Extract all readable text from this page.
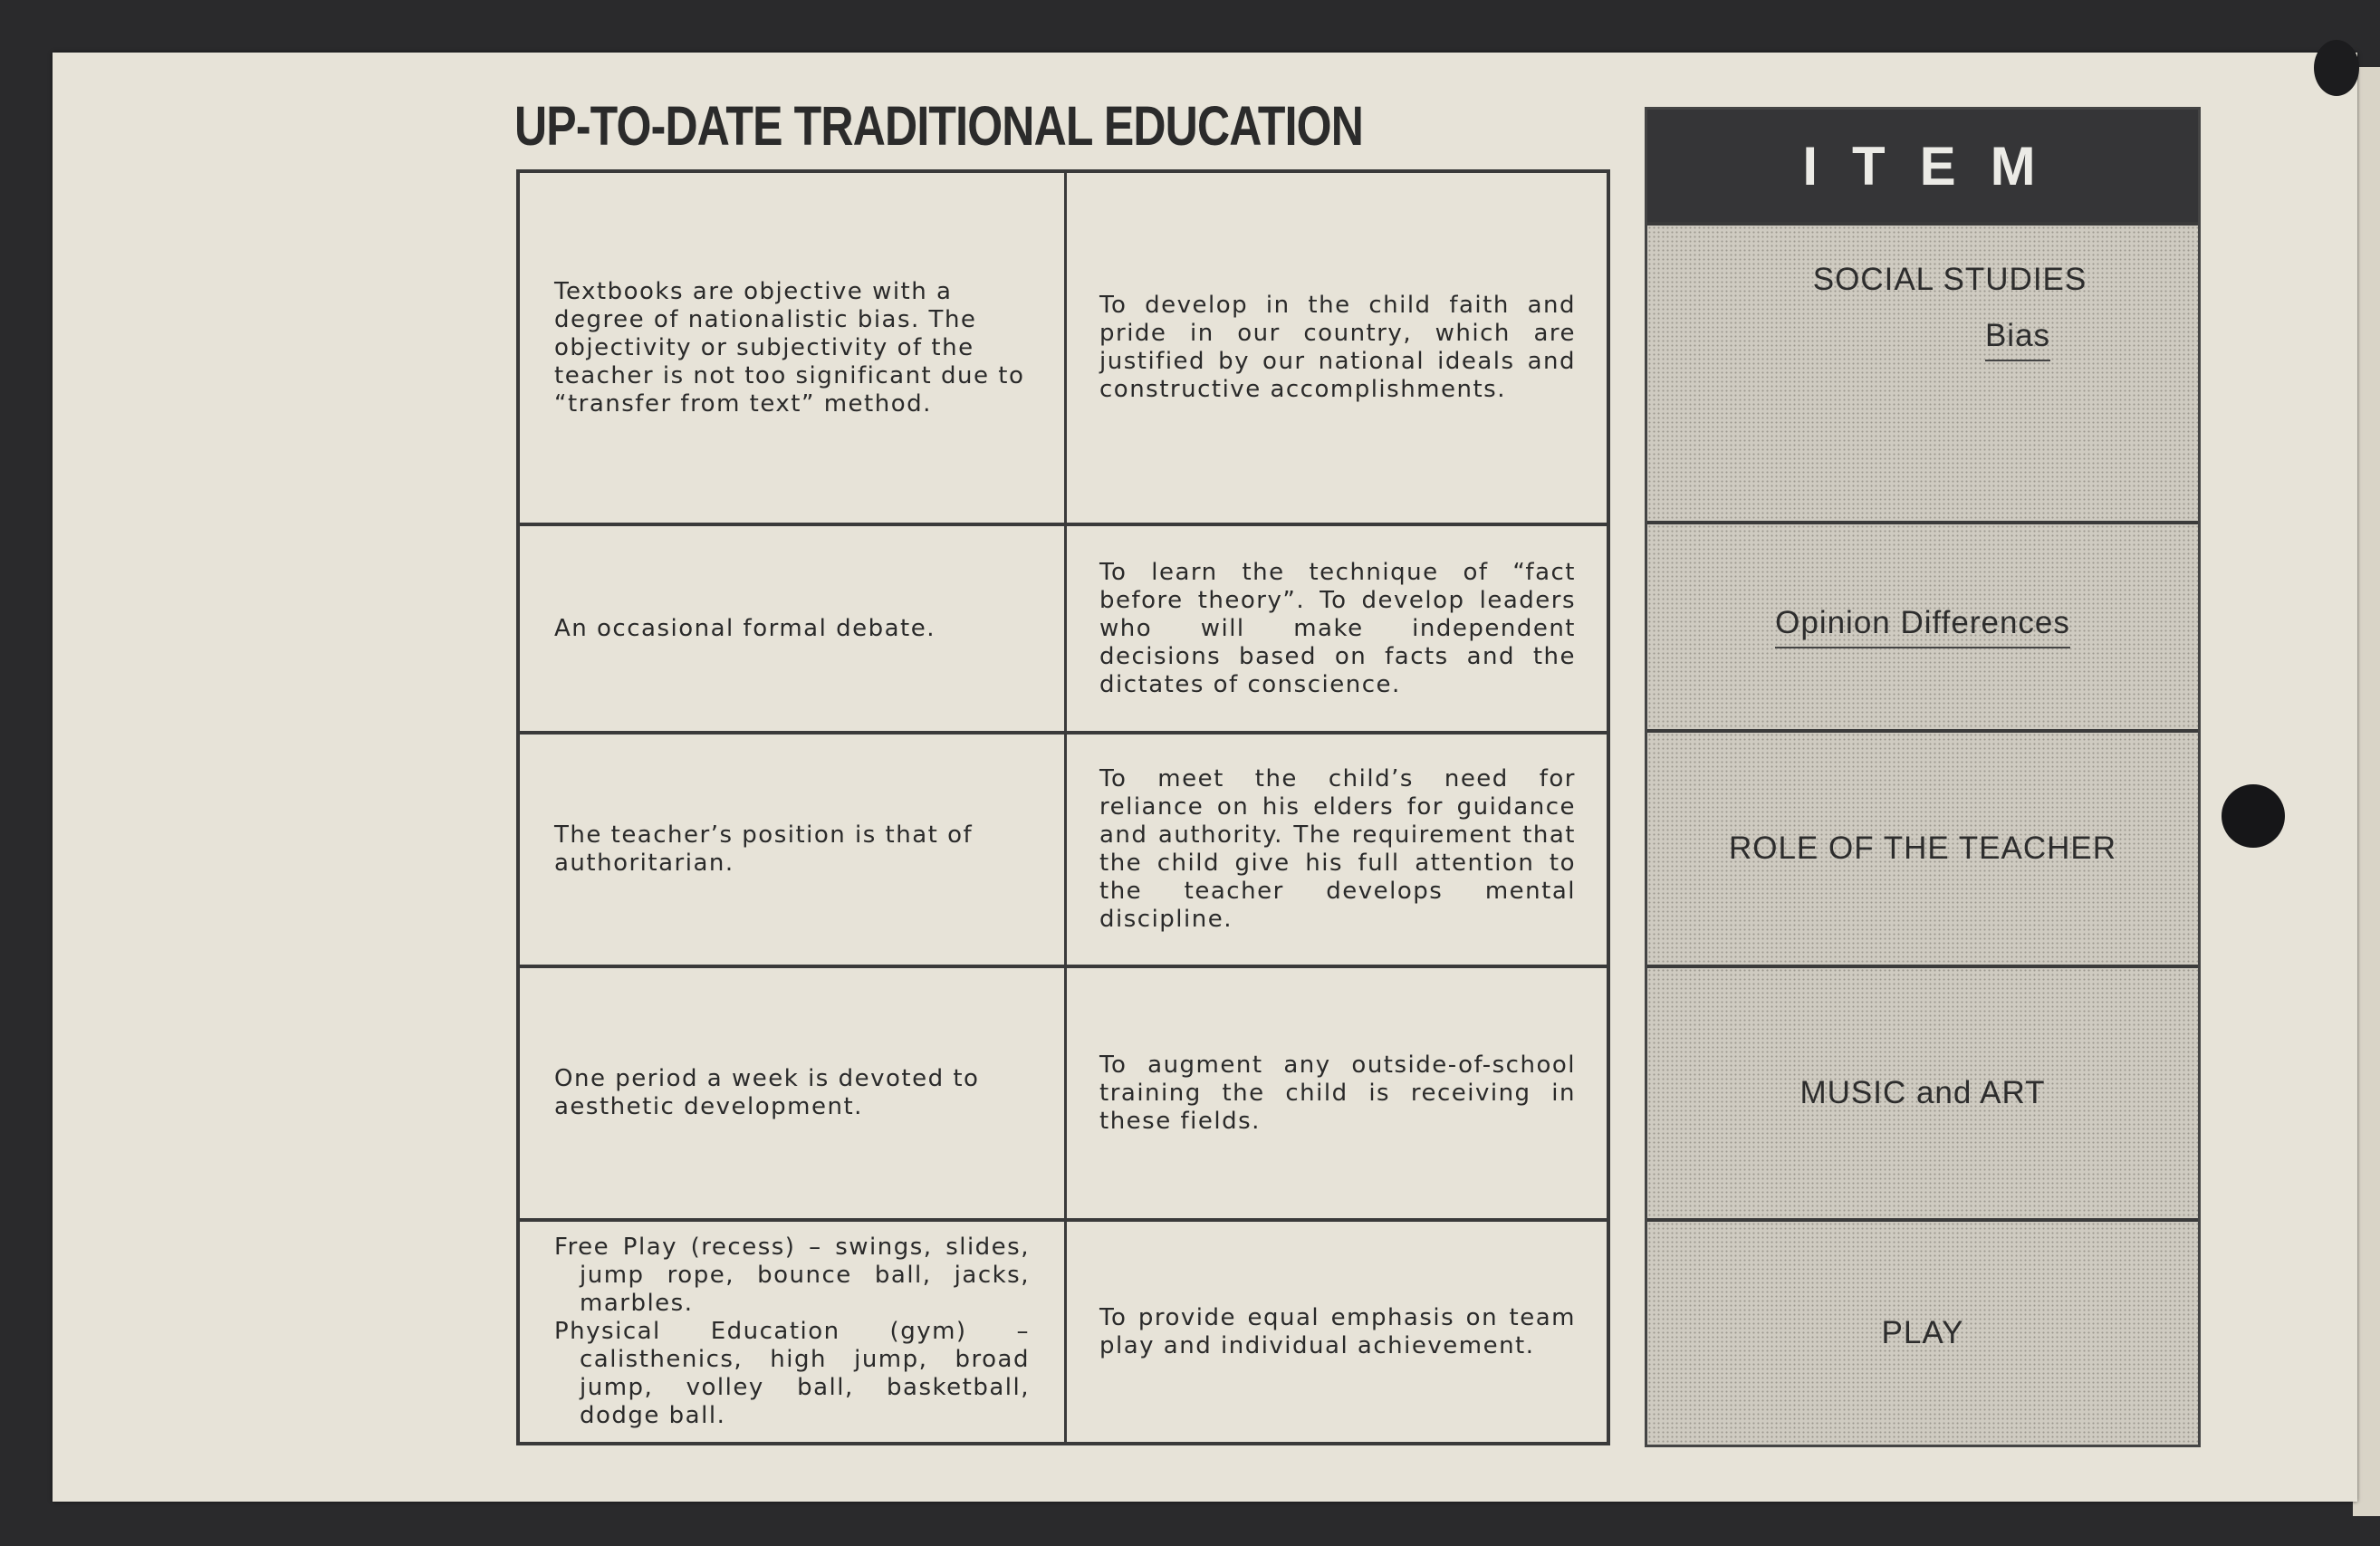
UP-TO-DATE TRADITIONAL EDUCATION
Textbooks are objective with a degree of nationalistic bias. The objectivity or subjectivity of the teacher is not too significant due to “transfer from text” method.
To develop in the child faith and pride in our country, which are justified by our national ideals and constructive accomplishments.
An occasional formal debate.
To learn the technique of “fact before theory”. To develop leaders who will make independent decisions based on facts and the dictates of conscience.
The teacher’s position is that of authoritarian.
To meet the child’s need for reliance on his elders for guidance and authority. The requirement that the child give his full attention to the teacher develops mental discipline.
One period a week is devoted to aesthetic development.
To augment any outside-of-school training the child is receiving in these fields.

Free Play (recess) – swings, slides, jump rope, bounce ball, jacks, marbles.

Physical Education (gym) – calisthenics, high jump, broad jump, volley ball, basketball, dodge ball.

To provide equal emphasis on team play and individual achievement.
ITEM
SOCIAL STUDIES
Bias
Opinion Differences
ROLE OF THE TEACHER
MUSIC and ART
PLAY
